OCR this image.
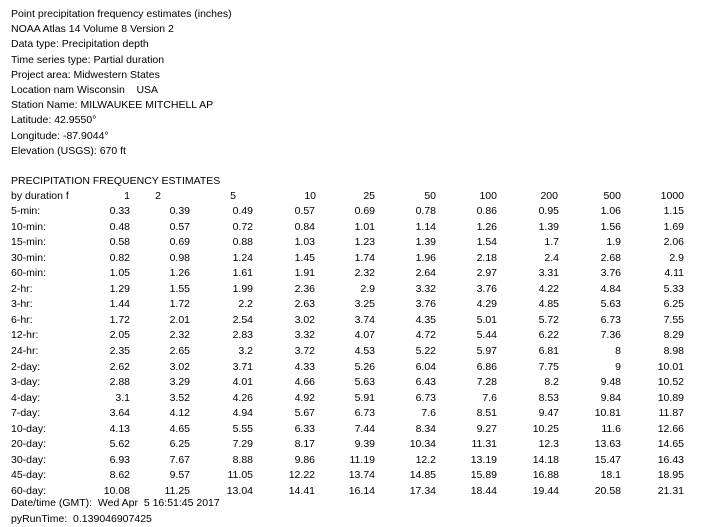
Point precipitation frequency estimates (inches)
NOAA Atlas 14 Volume 8 Version 2
Data type: Precipitation depth
Time series type: Partial duration
Project area: Midwestern States
Location nam Wisconsin    USA
Station Name: MILWAUKEE MITCHELL AP
Latitude: 42.9550°
Longitude: -87.9044°
Elevation (USGS): 670 ft
PRECIPITATION FREQUENCY ESTIMATES
by duration f	1 2	5	10	25	50	100	200	500	1000
5-min:	0.33	0.39	0.49	0.57	0.69	0.78	0.86	0.95	1.06	1.15
10-min:	0.48	0.57	0.72	0.84	1.01	1.14	1.26	1.39	1.56	1.69
15-min:	0.58	0.69	0.88	1.03	1.23	1.39	1.54	1.7	1.9	2.06
30-min:	0.82	0.98	1.24	1.45	1.74	1.96	2.18	2.4	2.68	2.9
60-min:	1.05	1.26	1.61	1.91	2.32	2.64	2.97	3.31	3.76	4.11
2-hr:	1.29	1.55	1.99	2.36	2.9	3.32	3.76	4.22	4.84	5.33
3-hr:	1.44	1.72	2.2	2.63	3.25	3.76	4.29	4.85	5.63	6.25
6-hr:	1.72	2.01	2.54	3.02	3.74	4.35	5.01	5.72	6.73	7.55
12-hr:	2.05	2.32	2.83	3.32	4.07	4.72	5.44	6.22	7.36	8.29
24-hr:	2.35	2.65	3.2	3.72	4.53	5.22	5.97	6.81	8	8.98
2-day:	2.62	3.02	3.71	4.33	5.26	6.04	6.86	7.75	9	10.01
3-day:	2.88	3.29	4.01	4.66	5.63	6.43	7.28	8.2	9.48	10.52
4-day:	3.1	3.52	4.26	4.92	5.91	6.73	7.6	8.53	9.84	10.89
7-day:	3.64	4.12	4.94	5.67	6.73	7.6	8.51	9.47	10.81	11.87
10-day:	4.13	4.65	5.55	6.33	7.44	8.34	9.27	10.25	11.6	12.66
20-day:	5.62	6.25	7.29	8.17	9.39	10.34	11.31	12.3	13.63	14.65
30-day:	6.93	7.67	8.88	9.86	11.19	12.2	13.19	14.18	15.47	16.43
45-day:	8.62	9.57	11.05	12.22	13.74	14.85	15.89	16.88	18.1	18.95
60-day:	10.08	11.25	13.04	14.41	16.14	17.34	18.44	19.44	20.58	21.31
Date/time (GMT):  Wed Apr  5 16:51:45 2017
pyRunTime:  0.139046907425
